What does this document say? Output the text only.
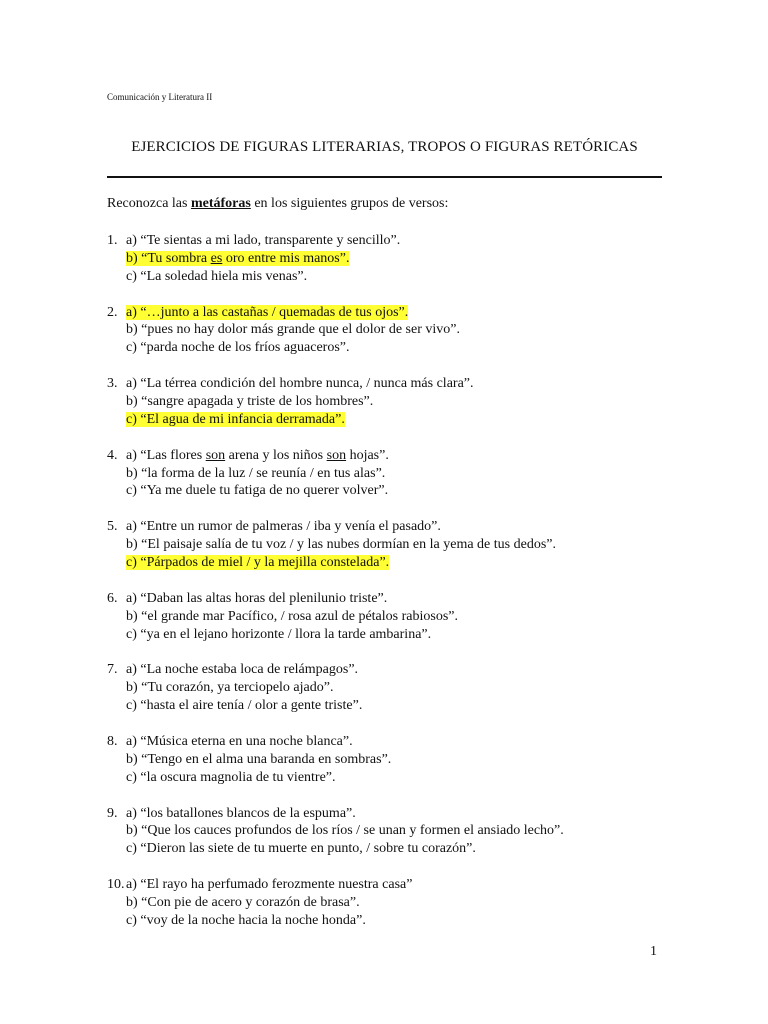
Comunicación y Literatura II
EJERCICIOS DE FIGURAS LITERARIAS, TROPOS O FIGURAS RETÓRICAS
Reconozca las metáforas en los siguientes grupos de versos:
1. a) “Te sientas a mi lado, transparente y sencillo”.
b) “Tu sombra es oro entre mis manos”.
c) “La soledad hiela mis venas”.
2. a) “…junto a las castañas / quemadas de tus ojos”.
b) “pues no hay dolor más grande que el dolor de ser vivo”.
c) “parda noche de los fríos aguaceros”.
3. a) “La térrea condición del hombre nunca, / nunca más clara”.
b) “sangre apagada y triste de los hombres”.
c) “El agua de mi infancia derramada”.
4. a) “Las flores son arena y los niños son hojas”.
b) “la forma de la luz / se reunía / en tus alas”.
c) “Ya me duele tu fatiga de no querer volver”.
5. a) “Entre un rumor de palmeras / iba y venía el pasado”.
b) “El paisaje salía de tu voz / y las nubes dormían en la yema de tus dedos”.
c) “Párpados de miel / y la mejilla constelada”.
6. a) “Daban las altas horas del plenilunio triste”.
b) “el grande mar Pacífico, / rosa azul de pétalos rabiosos”.
c) “ya en el lejano horizonte / llora la tarde ambarina”.
7. a) “La noche estaba loca de relámpagos”.
b) “Tu corazón, ya terciopelo ajado”.
c) “hasta el aire tenía / olor a gente triste”.
8. a) “Música eterna en una noche blanca”.
b) “Tengo en el alma una baranda en sombras”.
c) “la oscura magnolia de tu vientre”.
9. a) “los batallones blancos de la espuma”.
b) “Que los cauces profundos de los ríos / se unan y formen el ansiado lecho”.
c) “Dieron las siete de tu muerte en punto, / sobre tu corazón”.
10. a) “El rayo ha perfumado ferozmente nuestra casa”
b) “Con pie de acero y corazón de brasa”.
c) “voy de la noche hacia la noche honda”.
1
